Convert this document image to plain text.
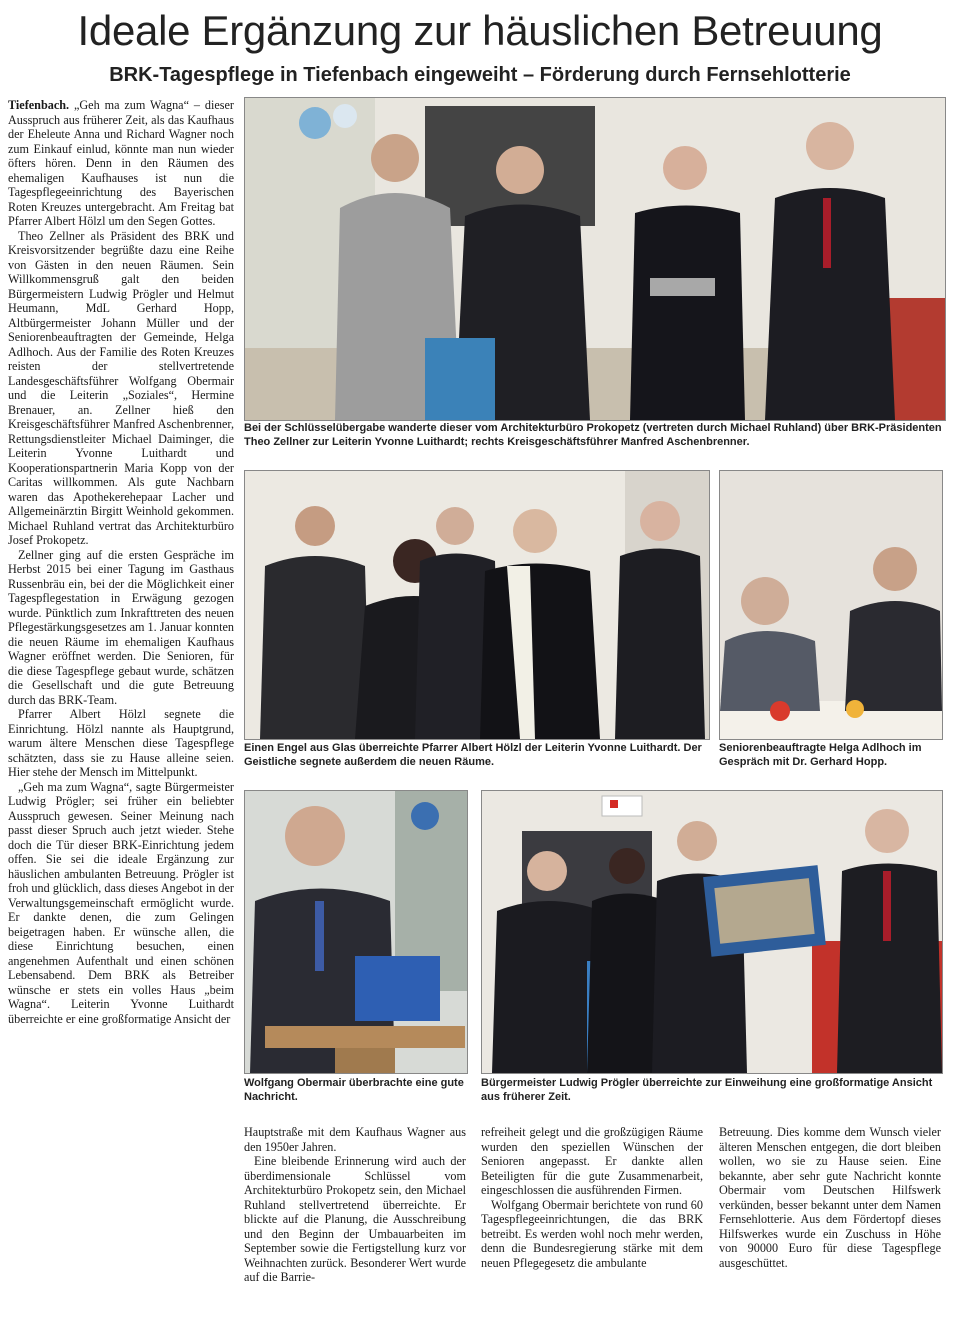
Ideale Ergänzung zur häuslichen Betreuung
BRK-Tagespflege in Tiefenbach eingeweiht – Förderung durch Fernsehlotterie

Tiefenbach. „Geh ma zum Wagna“ – dieser Ausspruch aus früherer Zeit, als das Kaufhaus der Eheleute Anna und Richard Wagner noch zum Einkauf einlud, könnte man nun wieder öfters hören. Denn in den Räumen des ehemaligen Kaufhauses ist nun die Tagespflegeeinrichtung des Bayerischen Roten Kreuzes untergebracht. Am Freitag bat Pfarrer Albert Hölzl um den Segen Gottes.

Theo Zellner als Präsident des BRK und Kreisvorsitzender begrüßte dazu eine Reihe von Gästen in den neuen Räumen. Sein Willkommensgruß galt den beiden Bürgermeistern Ludwig Prögler und Helmut Heumann, MdL Gerhard Hopp, Altbürgermeister Johann Müller und der Seniorenbeauftragten der Gemeinde, Helga Adlhoch. Aus der Familie des Roten Kreuzes reisten der stellvertretende Landesgeschäftsführer Wolfgang Obermair und die Leiterin „Soziales“, Hermine Brenauer, an. Zellner hieß den Kreisgeschäftsführer Manfred Aschenbrenner, Rettungsdienstleiter Michael Daiminger, die Leiterin Yvonne Luithardt und Kooperationspartnerin Maria Kopp von der Caritas willkommen. Als gute Nachbarn waren das Apothekerehepaar Lacher und Allgemeinärztin Birgitt Weinhold gekommen. Michael Ruhland vertrat das Architekturbüro Josef Prokopetz.

Zellner ging auf die ersten Gespräche im Herbst 2015 bei einer Tagung im Gasthaus Russenbräu ein, bei der die Möglichkeit einer Tagespflegestation in Erwägung gezogen wurde. Pünktlich zum Inkrafttreten des neuen Pflegestärkungsgesetzes am 1. Januar konnten die neuen Räume im ehemaligen Kaufhaus Wagner eröffnet werden. Die Senioren, für die diese Tagespflege gebaut wurde, schätzen die Gesellschaft und die gute Betreuung durch das BRK-Team.

Pfarrer Albert Hölzl segnete die Einrichtung. Hölzl nannte als Hauptgrund, warum ältere Menschen diese Tagespflege schätzten, dass sie zu Hause alleine seien. Hier stehe der Mensch im Mittelpunkt.

„Geh ma zum Wagna“, sagte Bürgermeister Ludwig Prögler; sei früher ein beliebter Ausspruch gewesen. Seiner Meinung nach passt dieser Spruch auch jetzt wieder. Stehe doch die Tür dieser BRK-Einrichtung jedem offen. Sie sei die ideale Ergänzung zur häuslichen ambulanten Betreuung. Prögler ist froh und glücklich, dass dieses Angebot in der Verwaltungsgemeinschaft ermöglicht wurde. Er dankte denen, die zum Gelingen beigetragen haben. Er wünsche allen, die diese Einrichtung besuchen, einen angenehmen Aufenthalt und einen schönen Lebensabend. Dem BRK als Betreiber wünsche er stets ein volles Haus „beim Wagna“. Leiterin Yvonne Luithardt überreichte er eine großformatige Ansicht der

Bei der Schlüsselübergabe wanderte dieser vom Architekturbüro Prokopetz (vertreten durch Michael Ruhland) über BRK-Präsidenten Theo Zellner zur Leiterin Yvonne Luithardt; rechts Kreisgeschäftsführer Manfred Aschenbrenner.
Einen Engel aus Glas überreichte Pfarrer Albert Hölzl der Leiterin Yvonne Luithardt. Der Geistliche segnete außerdem die neuen Räume.
Seniorenbeauftragte Helga Adlhoch im Gespräch mit Dr. Gerhard Hopp.
Wolfgang Obermair überbrachte eine gute Nachricht.
Bürgermeister Ludwig Prögler überreichte zur Einweihung eine großformatige Ansicht aus früherer Zeit.

Hauptstraße mit dem Kaufhaus Wagner aus den 1950er Jahren.

Eine bleibende Erinnerung wird auch der überdimensionale Schlüssel vom Architekturbüro Prokopetz sein, den Michael Ruhland stellvertretend überreichte. Er blickte auf die Planung, die Ausschreibung und den Beginn der Umbauarbeiten im September sowie die Fertigstellung kurz vor Weihnachten zurück. Besonderer Wert wurde auf die Barrie-

refreiheit gelegt und die großzügigen Räume wurden den speziellen Wünschen der Senioren angepasst. Er dankte allen Beteiligten für die gute Zusammenarbeit, eingeschlossen die ausführenden Firmen.

Wolfgang Obermair berichtete von rund 60 Tagespflegeeinrichtungen, die das BRK betreibt. Es werden wohl noch mehr werden, denn die Bundesregierung stärke mit dem neuen Pflegegesetz die ambulante

Betreuung. Dies komme dem Wunsch vieler älteren Menschen entgegen, die dort bleiben wollen, wo sie zu Hause seien. Eine bekannte, aber sehr gute Nachricht konnte Obermair vom Deutschen Hilfswerk verkünden, besser bekannt unter dem Namen Fernsehlotterie. Aus dem Fördertopf dieses Hilfswerkes wurde ein Zuschuss in Höhe von 90000 Euro für diese Tagespflege ausgeschüttet.
